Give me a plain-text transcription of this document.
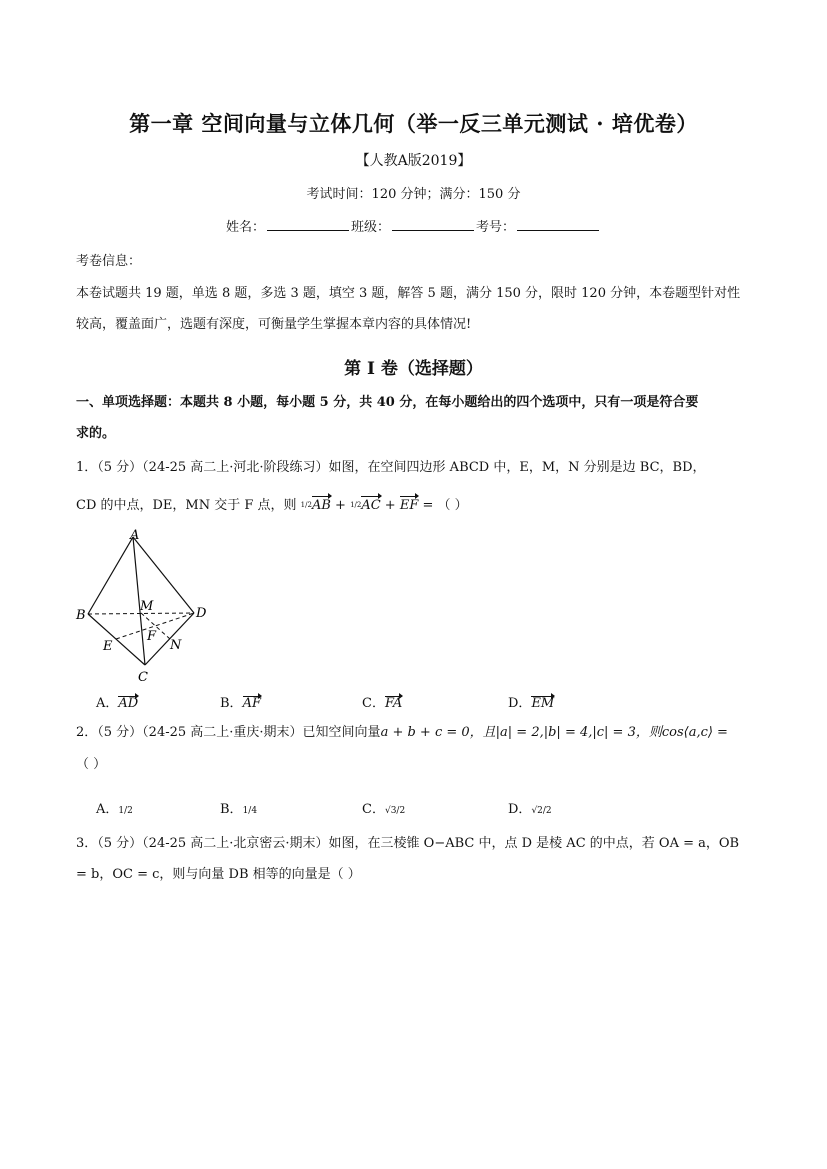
第一章 空间向量与立体几何（举一反三单元测试 · 培优卷）
【人教A版2019】
考试时间：120 分钟；满分：150 分
姓名：	班级：	考号：
考卷信息：
本卷试题共 19 题，单选 8 题，多选 3 题，填空 3 题，解答 5 题，满分 150 分，限时 120 分钟，本卷题型针对性
较高，覆盖面广，选题有深度，可衡量学生掌握本章内容的具体情况!
第 I 卷（选择题）
一、单项选择题：本题共 8 小题，每小题 5 分，共 40 分，在每小题给出的四个选项中，只有一项是符合要
求的。
1．（5 分）（24-25 高二上·河北·阶段练习）如图，在空间四边形 ABCD 中，E，M，N 分别是边 BC，BD，
CD 的中点，DE，MN 交于 F 点，则 1/2AB + 1/2AC + EF = （ ）
A
B
M	D
F
E	N
C
A．AD	B．AF	C．FA	D．EM
2．（5 分）（24-25 高二上·重庆·期末）已知空间向量a + b + c = 0，且|a| = 2,|b| = 4,|c| = 3，则cos⟨a,c⟩ =
（ ）
A．1/2	B．1/4	C．√3/2	D．√2/2
3．（5 分）（24-25 高二上·北京密云·期末）如图，在三棱锥 O−ABC 中，点 D 是棱 AC 的中点，若 OA = a，OB
= b，OC = c，则与向量 DB 相等的向量是（ ）
